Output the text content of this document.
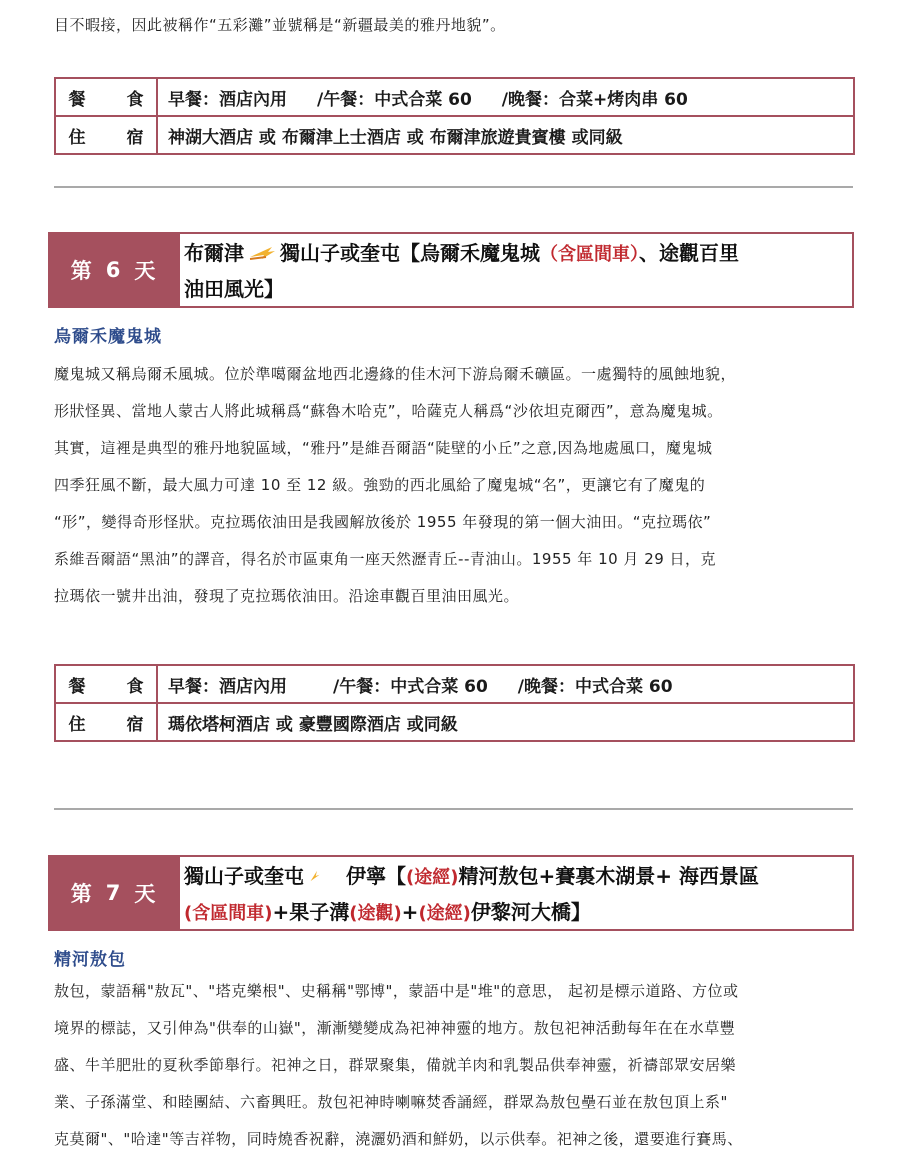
目不暇接，因此被稱作“五彩灘”並號稱是“新疆最美的雅丹地貌”。
餐　食	早餐：酒店內用 /午餐：中式合菜 60 /晚餐：合菜+烤肉串 60
住　宿	神湖大酒店 或 布爾津上士酒店 或 布爾津旅遊貴賓樓 或同級
第 6 天
布爾津 獨山子或奎屯【烏爾禾魔鬼城（含區間車）、途觀百里
油田風光】
烏爾禾魔鬼城
魔鬼城又稱烏爾禾風城。位於準噶爾盆地西北邊緣的佳木河下游烏爾禾礦區。一處獨特的風蝕地貌，
形狀怪異、當地人蒙古人將此城稱爲“蘇魯木哈克”，哈薩克人稱爲“沙依坦克爾西”，意為魔鬼城。
其實，這裡是典型的雅丹地貌區域，“雅丹”是維吾爾語“陡壁的小丘”之意,因為地處風口，魔鬼城
四季狂風不斷，最大風力可達 10 至 12 級。強勁的西北風給了魔鬼城“名”，更讓它有了魔鬼的
“形”，變得奇形怪狀。克拉瑪依油田是我國解放後於 1955 年發現的第一個大油田。“克拉瑪依”
系維吾爾語“黑油”的譯音，得名於市區東角一座天然瀝青丘--青油山。1955 年 10 月 29 日，克
拉瑪依一號井出油，發現了克拉瑪依油田。沿途車觀百里油田風光。
餐　食	早餐：酒店內用 /午餐：中式合菜 60 /晚餐：中式合菜 60
住　宿	瑪依塔柯酒店 或 豪豐國際酒店 或同級
第 7 天
獨山子或奎屯 伊寧【(途經)精河敖包+賽裏木湖景+ 海西景區
(含區間車)+果子溝(途觀)+(途經)伊黎河大橋】
精河敖包
敖包，蒙語稱"敖瓦"、"塔克樂根"、史稱稱"鄂博"，蒙語中是"堆"的意思， 起初是標示道路、方位或
境界的標誌，又引伸為"供奉的山嶽"，漸漸變變成為祀神神靈的地方。敖包祀神活動每年在在水草豐
盛、牛羊肥壯的夏秋季節舉行。祀神之日，群眾聚集，備就羊肉和乳製品供奉神靈，祈禱部眾安居樂
業、子孫滿堂、和睦團結、六畜興旺。敖包祀神時喇嘛焚香誦經，群眾為敖包壘石並在敖包頂上系"
克莫爾"、"哈達"等吉祥物，同時燒香祝辭，澆灑奶酒和鮮奶，以示供奉。祀神之後，還要進行賽馬、
